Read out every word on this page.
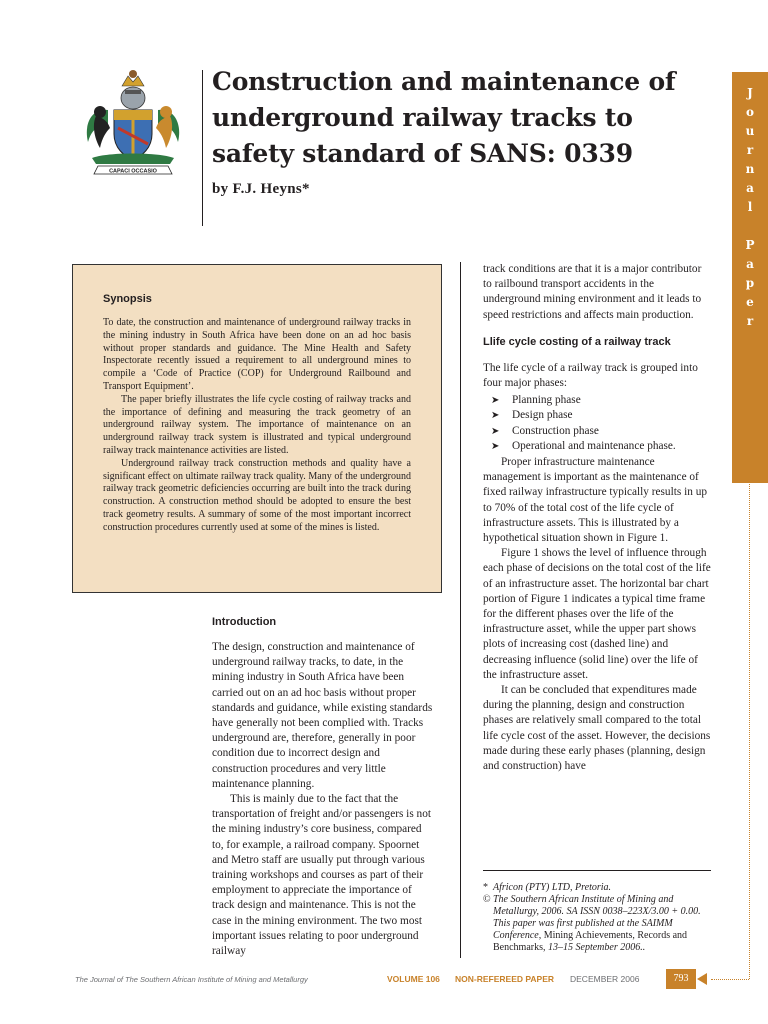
CAPACI OCCASIO
Construction and maintenance of underground railway tracks to safety standard of SANS: 0339

by F.J. Heyns*

J
o
u
r
n
a
l
P
a
p
e
r
Synopsis

To date, the construction and maintenance of underground railway tracks in the mining industry in South Africa have been done on an ad hoc basis without proper standards and guidance. The Mine Health and Safety Inspectorate recently issued a requirement to all underground mines to compile a ‘Code of Practice (COP) for Underground Railbound and Transport Equipment’.

The paper briefly illustrates the life cycle costing of railway tracks and the importance of defining and measuring the track geometry of an underground railway system. The importance of maintenance on an underground railway track system is illustrated and typical underground railway track maintenance activities are listed.

Underground railway track construction methods and quality have a significant effect on ultimate railway track quality. Many of the underground railway track geometric deficiencies occurring are built into the track during construction. A construction method should be adopted to ensure the best track geometry results. A summary of some of the most important incorrect construction procedures currently used at some of the mines is listed.

Introduction

The design, construction and maintenance of underground railway tracks, to date, in the mining industry in South Africa have been carried out on an ad hoc basis without proper standards and guidance, while existing standards have generally not been complied with. Tracks underground are, therefore, generally in poor condition due to incorrect design and construction procedures and very little maintenance planning.

This is mainly due to the fact that the transportation of freight and/or passengers is not the mining industry’s core business, compared to, for example, a railroad company. Spoornet and Metro staff are usually put through various training workshops and courses as part of their employment to appreciate the importance of track design and maintenance. This is not the case in the mining environment. The two most important issues relating to poor underground railway

track conditions are that it is a major contributor to railbound transport accidents in the underground mining environment and it leads to speed restrictions and affects main production.

Llife cycle costing of a railway track

The life cycle of a railway track is grouped into four major phases:

➤ Planning phase
➤ Design phase
➤ Construction phase
➤ Operational and maintenance phase.

Proper infrastructure maintenance management is important as the maintenance of fixed railway infrastructure typically results in up to 70% of the total cost of the life cycle of infrastructure assets. This is illustrated by a hypothetical situation shown in Figure 1.

Figure 1 shows the level of influence through each phase of decisions on the total cost of the life of an infrastructure asset. The horizontal bar chart portion of Figure 1 indicates a typical time frame for the different phases over the life of the infrastructure asset, while the upper part shows plots of increasing cost (dashed line) and decreasing influence (solid line) over the life of the infrastructure asset.

It can be concluded that expenditures made during the planning, design and construction phases are relatively small compared to the total life cycle cost of the asset. However, the decisions made during these early phases (planning, design and construction) have

* Africon (PTY) LTD, Pretoria.
© The Southern African Institute of Mining and Metallurgy, 2006. SA ISSN 0038–223X/3.00 + 0.00. This paper was first published at the SAIMM Conference, Mining Achievements, Records and Benchmarks, 13–15 September 2006..
The Journal of The Southern African Institute of Mining and Metallurgy	VOLUME 106 NON-REFEREED PAPER DECEMBER 2006	793
